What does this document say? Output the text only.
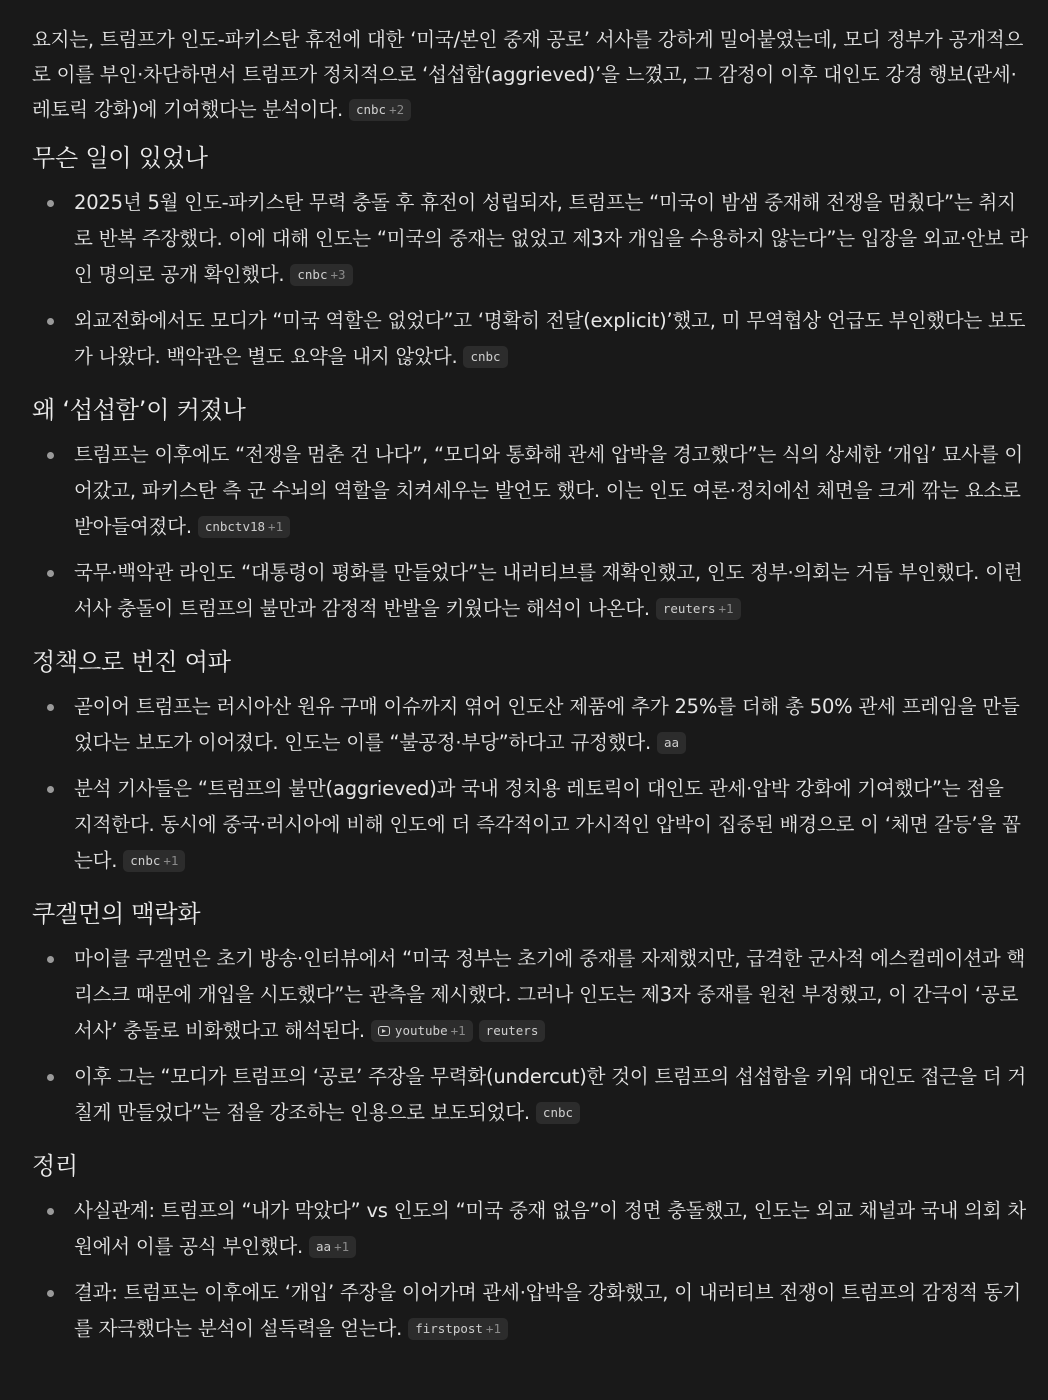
요지는, 트럼프가 인도-파키스탄 휴전에 대한 ‘미국/본인 중재 공로’ 서사를 강하게 밀어붙였는데, 모디 정부가 공개적으로 이를 부인·차단하면서 트럼프가 정치적으로 ‘섭섭함(aggrieved)’을 느꼈고, 그 감정이 이후 대인도 강경 행보(관세·레토릭 강화)에 기여했다는 분석이다. cnbc +2

무슨 일이 있었나
2025년 5월 인도-파키스탄 무력 충돌 후 휴전이 성립되자, 트럼프는 “미국이 밤샘 중재해 전쟁을 멈췄다”는 취지로 반복 주장했다. 이에 대해 인도는 “미국의 중재는 없었고 제3자 개입을 수용하지 않는다”는 입장을 외교·안보 라인 명의로 공개 확인했다. cnbc +3
외교전화에서도 모디가 “미국 역할은 없었다”고 ‘명확히 전달(explicit)’했고, 미 무역협상 언급도 부인했다는 보도가 나왔다. 백악관은 별도 요약을 내지 않았다. cnbc
왜 ‘섭섭함’이 커졌나
트럼프는 이후에도 “전쟁을 멈춘 건 나다”, “모디와 통화해 관세 압박을 경고했다”는 식의 상세한 ‘개입’ 묘사를 이어갔고, 파키스탄 측 군 수뇌의 역할을 치켜세우는 발언도 했다. 이는 인도 여론·정치에선 체면을 크게 깎는 요소로 받아들여졌다. cnbctv18 +1
국무·백악관 라인도 “대통령이 평화를 만들었다”는 내러티브를 재확인했고, 인도 정부·의회는 거듭 부인했다. 이런 서사 충돌이 트럼프의 불만과 감정적 반발을 키웠다는 해석이 나온다. reuters +1
정책으로 번진 여파
곧이어 트럼프는 러시아산 원유 구매 이슈까지 엮어 인도산 제품에 추가 25%를 더해 총 50% 관세 프레임을 만들었다는 보도가 이어졌다. 인도는 이를 “불공정·부당”하다고 규정했다. aa
분석 기사들은 “트럼프의 불만(aggrieved)과 국내 정치용 레토릭이 대인도 관세·압박 강화에 기여했다”는 점을 지적한다. 동시에 중국·러시아에 비해 인도에 더 즉각적이고 가시적인 압박이 집중된 배경으로 이 ‘체면 갈등’을 꼽는다. cnbc +1
쿠겔먼의 맥락화
마이클 쿠겔먼은 초기 방송·인터뷰에서 “미국 정부는 초기에 중재를 자제했지만, 급격한 군사적 에스컬레이션과 핵 리스크 때문에 개입을 시도했다”는 관측을 제시했다. 그러나 인도는 제3자 중재를 원천 부정했고, 이 간극이 ‘공로 서사’ 충돌로 비화했다고 해석된다. youtube +1 reuters
이후 그는 “모디가 트럼프의 ‘공로’ 주장을 무력화(undercut)한 것이 트럼프의 섭섭함을 키워 대인도 접근을 더 거칠게 만들었다”는 점을 강조하는 인용으로 보도되었다. cnbc
정리
사실관계: 트럼프의 “내가 막았다” vs 인도의 “미국 중재 없음”이 정면 충돌했고, 인도는 외교 채널과 국내 의회 차원에서 이를 공식 부인했다. aa +1
결과: 트럼프는 이후에도 ‘개입’ 주장을 이어가며 관세·압박을 강화했고, 이 내러티브 전쟁이 트럼프의 감정적 동기를 자극했다는 분석이 설득력을 얻는다. firstpost +1
